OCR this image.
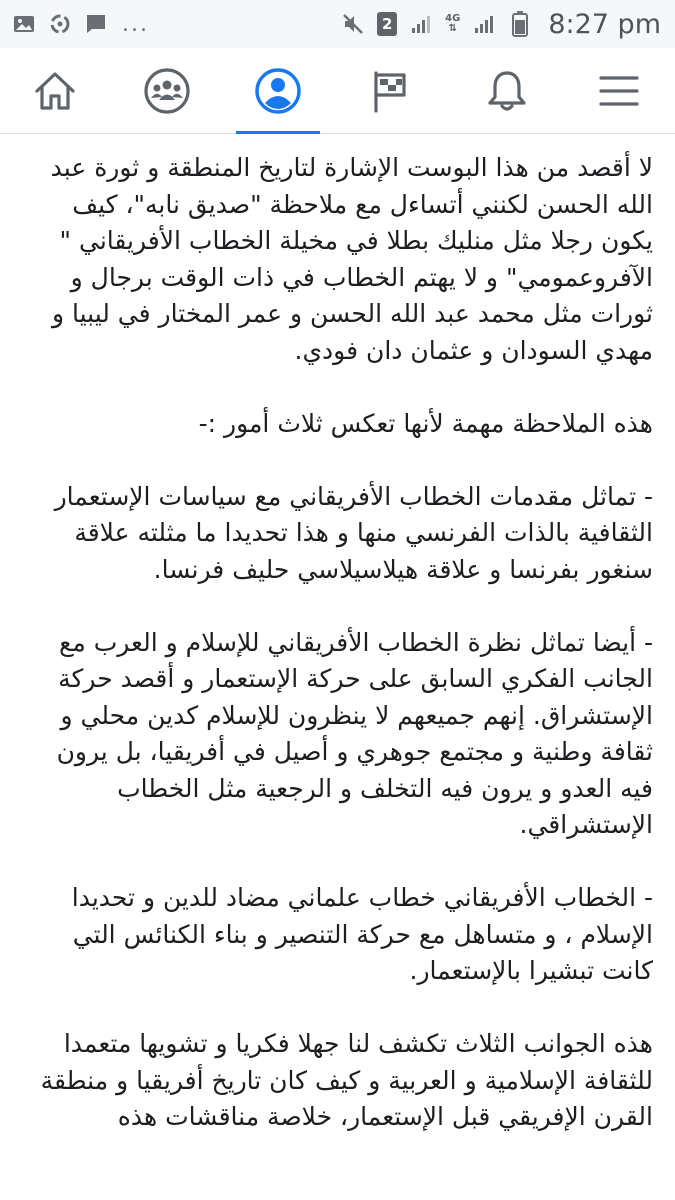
...	2	4G
⇅	8:27 pm

لا أقصد من هذا البوست الإشارة لتاريخ المنطقة و ثورة عبد الله الحسن لكنني أتساءل مع ملاحظة "صديق نابه"، كيف يكون رجلا مثل منليك بطلا في مخيلة الخطاب الأفريقاني " الآفروعمومي" و لا يهتم الخطاب في ذات الوقت برجال و ثورات مثل محمد عبد الله الحسن و عمر المختار في ليبيا و مهدي السودان و عثمان دان فودي.

هذه الملاحظة مهمة لأنها تعكس ثلاث أمور :-

- تماثل مقدمات الخطاب الأفريقاني مع سياسات الإستعمار الثقافية بالذات الفرنسي منها و هذا تحديدا ما مثلته علاقة سنغور بفرنسا و علاقة هيلاسيلاسي حليف فرنسا.

- أيضا تماثل نظرة الخطاب الأفريقاني للإسلام و العرب مع الجانب الفكري السابق على حركة الإستعمار و أقصد حركة الإستشراق. إنهم جميعهم لا ينظرون للإسلام كدين محلي و ثقافة وطنية و مجتمع جوهري و أصيل في أفريقيا، بل يرون فيه العدو و يرون فيه التخلف و الرجعية مثل الخطاب الإستشراقي.

- الخطاب الأفريقاني خطاب علماني مضاد للدين و تحديدا الإسلام ، و متساهل مع حركة التنصير و بناء الكنائس التي كانت تبشيرا بالإستعمار.

هذه الجوانب الثلاث تكشف لنا جهلا فكريا و تشويها متعمدا للثقافة الإسلامية و العربية و كيف كان تاريخ أفريقيا و منطقة القرن الإفريقي قبل الإستعمار، خلاصة مناقشات هذه
